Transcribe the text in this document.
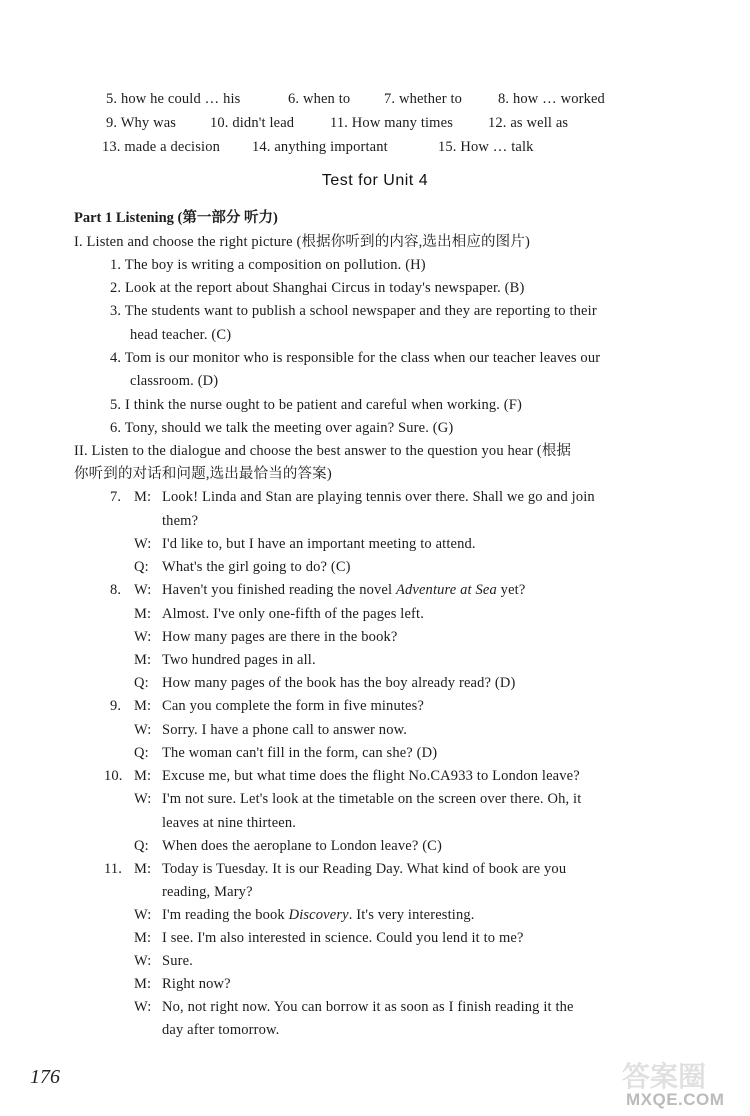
5. how he could … his	6. when to 7. whether to 8. how … worked
9. Why was 10. didn't lead 11. How many times 12. as well as
13. made a decision 14. anything important	15. How … talk
Test for Unit 4
Part 1 Listening (第一部分 听力)
I. Listen and choose the right picture (根据你听到的内容,选出相应的图片)
1. The boy is writing a composition on pollution. (H)
2. Look at the report about Shanghai Circus in today's newspaper. (B)
3. The students want to publish a school newspaper and they are reporting to their
head teacher. (C)
4. Tom is our monitor who is responsible for the class when our teacher leaves our
classroom. (D)
5. I think the nurse ought to be patient and careful when working. (F)
6. Tony, should we talk the meeting over again? Sure. (G)
II. Listen to the dialogue and choose the best answer to the question you hear (根据
你听到的对话和问题,选出最恰当的答案)
7. M: Look! Linda and Stan are playing tennis over there. Shall we go and join
them?
W: I'd like to, but I have an important meeting to attend.
Q: What's the girl going to do? (C)
8. W: Haven't you finished reading the novel Adventure at Sea yet?
M: Almost. I've only one-fifth of the pages left.
W: How many pages are there in the book?
M: Two hundred pages in all.
Q: How many pages of the book has the boy already read? (D)
9. M: Can you complete the form in five minutes?
W: Sorry. I have a phone call to answer now.
Q: The woman can't fill in the form, can she? (D)
10. M: Excuse me, but what time does the flight No.CA933 to London leave?
W: I'm not sure. Let's look at the timetable on the screen over there. Oh, it
leaves at nine thirteen.
Q: When does the aeroplane to London leave? (C)
11. M: Today is Tuesday. It is our Reading Day. What kind of book are you
reading, Mary?
W: I'm reading the book Discovery . It's very interesting.
M: I see. I'm also interested in science. Could you lend it to me?
W: Sure.
M: Right now?
W: No, not right now. You can borrow it as soon as I finish reading it the
day after tomorrow.
176	答案圈
MXQE.COM
